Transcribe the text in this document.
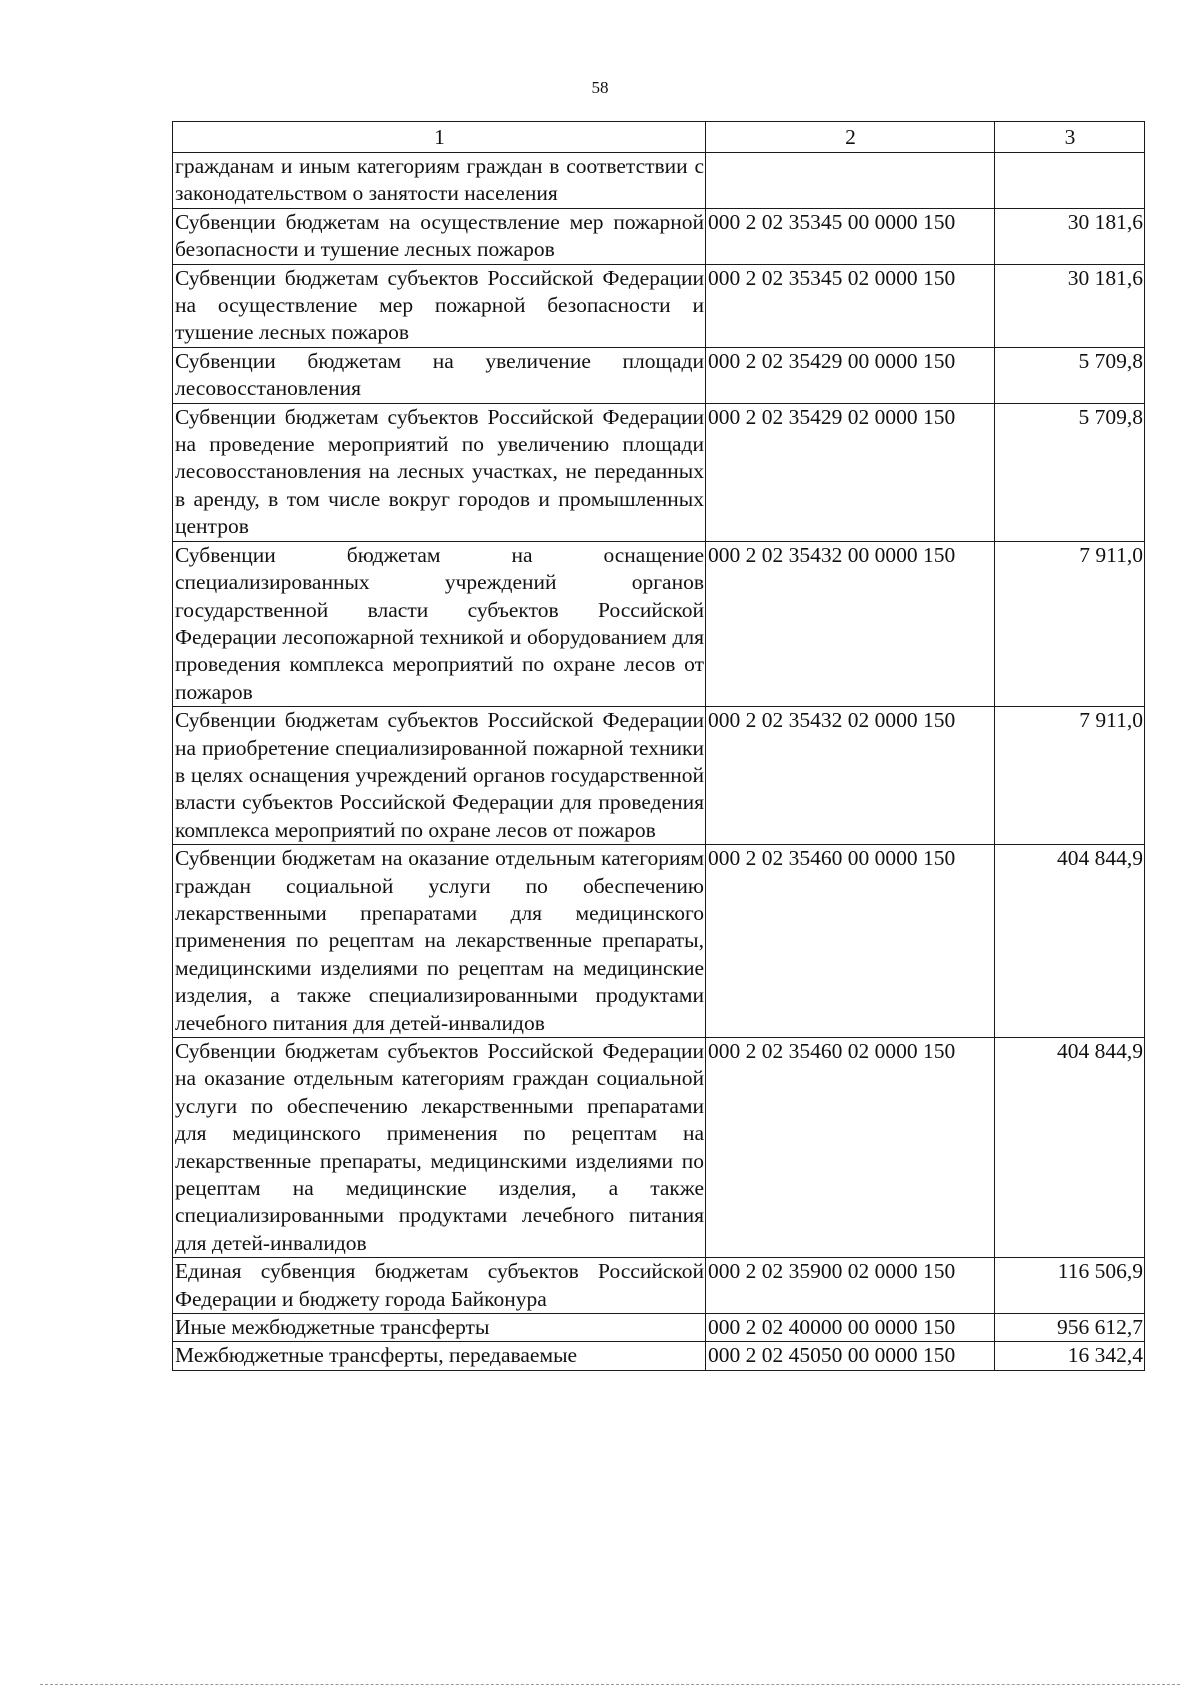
58
1	2	3
гражданам и иным категориям граждан в соответствии с законодательством о занятости населения		
Субвенции бюджетам на осуществление мер пожарной безопасности и тушение лесных пожаров	000 2 02 35345 00 0000 150	30 181,6
Субвенции бюджетам субъектов Российской Федерации на осуществление мер пожарной безопасности и тушение лесных пожаров	000 2 02 35345 02 0000 150	30 181,6
Субвенции бюджетам на увеличение площади лесовосстановления	000 2 02 35429 00 0000 150	5 709,8
Субвенции бюджетам субъектов Российской Федерации на проведение мероприятий по увеличению площади лесовосстановления на лесных участках, не переданных в аренду, в том числе вокруг городов и промышленных центров	000 2 02 35429 02 0000 150	5 709,8
Субвенции бюджетам на оснащение специализированных учреждений органов государственной власти субъектов Российской Федерации лесопожарной техникой и оборудованием для проведения комплекса мероприятий по охране лесов от пожаров	000 2 02 35432 00 0000 150	7 911,0
Субвенции бюджетам субъектов Российской Федерации на приобретение специализированной пожарной техники в целях оснащения учреждений органов государственной власти субъектов Российской Федерации для проведения комплекса мероприятий по охране лесов от пожаров	000 2 02 35432 02 0000 150	7 911,0
Субвенции бюджетам на оказание отдельным категориям граждан социальной услуги по обеспечению лекарственными препаратами для медицинского применения по рецептам на лекарственные препараты, медицинскими изделиями по рецептам на медицинские изделия, а также специализированными продуктами лечебного питания для детей-инвалидов	000 2 02 35460 00 0000 150	404 844,9
Субвенции бюджетам субъектов Российской Федерации на оказание отдельным категориям граждан социальной услуги по обеспечению лекарственными препаратами для медицинского применения по рецептам на лекарственные препараты, медицинскими изделиями по рецептам на медицинские изделия, а также специализированными продуктами лечебного питания для детей-инвалидов	000 2 02 35460 02 0000 150	404 844,9
Единая субвенция бюджетам субъектов Российской Федерации и бюджету города Байконура	000 2 02 35900 02 0000 150	116 506,9
Иные межбюджетные трансферты	000 2 02 40000 00 0000 150	956 612,7
Межбюджетные трансферты, передаваемые	000 2 02 45050 00 0000 150	16 342,4
